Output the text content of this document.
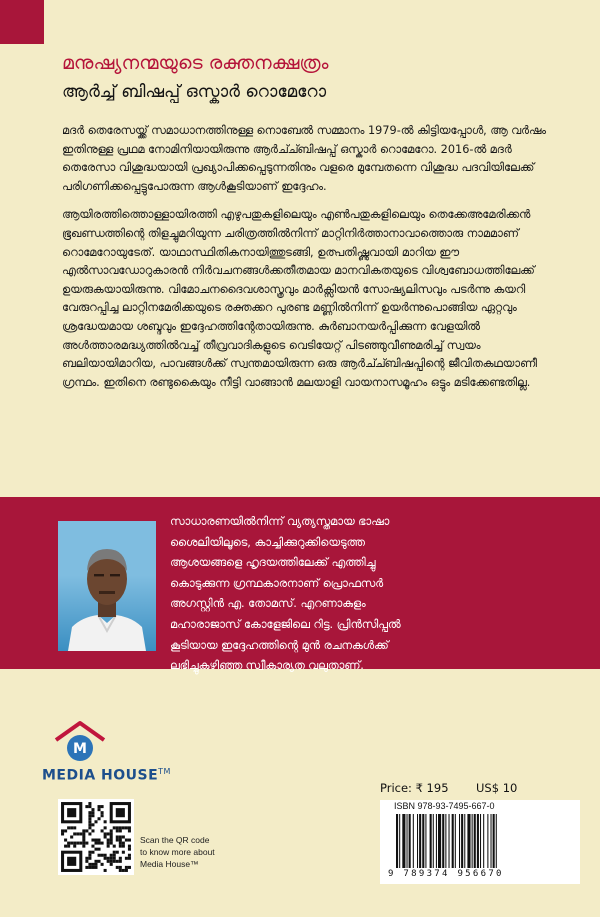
മനുഷ്യനന്മയുടെ രക്തനക്ഷത്രം
ആർച്ച് ബിഷപ്പ് ഒസ്കാർ റൊമേറോ

മദർ തെരേസയ്ക്ക് സമാധാനത്തിനുള്ള നൊബേൽ സമ്മാനം 1979-ൽ കിട്ടിയപ്പോൾ, ആ വർഷം ഇതിനുള്ള പ്രഥമ നോമിനിയായിരുന്നു ആർച്ച്ബിഷപ്പ് ഒസ്കാർ റൊമേറോ. 2016-ൽ മദർ തെരേസാ വിശുദ്ധയായി പ്രഖ്യാപിക്കപ്പെടുന്നതിനും വളരെ മുമ്പേതന്നെ വിശുദ്ധ പദവിയിലേക്ക് പരിഗണിക്കപ്പെട്ടുപോരുന്ന ആൾകൂടിയാണ് ഇദ്ദേഹം.

ആയിരത്തിത്തൊള്ളായിരത്തി എഴുപതുകളിലെയും എൺപതുകളിലെയും തെക്കേഅമേരിക്കൻ ഭൂഖണ്ഡത്തിന്റെ തിളച്ചുമറിയുന്ന ചരിത്രത്തിൽനിന്ന് മാറ്റിനിർത്താനാവാത്തൊരു നാമമാണ് റൊമേറോയുടേത്. യാഥാസ്ഥിതികനായിത്തുടങ്ങി, ഉത്പതിഷ്ണുവായി മാറിയ ഈ എൽസാവഡോറുകാരൻ നിർവചനങ്ങൾക്കതീതമായ മാനവികതയുടെ വിശ്വബോധത്തിലേക്ക് ഉയരുകയായിരുന്നു. വിമോചനദൈവശാസ്ത്രവും മാർക്സിയൻ സോഷ്യലിസവും പടർന്നു കയറി വേരുറപ്പിച്ച ലാറ്റിനമേരിക്കയുടെ രക്തക്കറ പുരണ്ട മണ്ണിൽനിന്ന് ഉയർന്നുപൊങ്ങിയ ഏറ്റവും ശ്രദ്ധേയമായ ശബ്ദവും ഇദ്ദേഹത്തിന്റേതായിരുന്നു. കുർബാനയർപ്പിക്കുന്ന വേളയിൽ അൾത്താരമദ്ധ്യത്തിൽവച്ച് തീവ്രവാദികളുടെ വെടിയേറ്റ് പിടഞ്ഞുവീണുമരിച്ച് സ്വയം ബലിയായിമാറിയ, പാവങ്ങൾക്ക് സ്വന്തമായിരുന്ന ഒരു ആർച്ച്ബിഷപ്പിന്റെ ജീവിതകഥയാണീ ഗ്രന്ഥം. ഇതിനെ രണ്ടുകൈയും നീട്ടി വാങ്ങാൻ മലയാളി വായനാസമൂഹം ഒട്ടും മടിക്കേണ്ടതില്ല.

സാധാരണയിൽനിന്ന് വ്യത്യസ്തമായ ഭാഷാ
ശൈലിയിലൂടെ, കാച്ചിക്കുറുക്കിയെടുത്ത
ആശയങ്ങളെ ഹൃദയത്തിലേക്ക് എത്തിച്ചു
കൊടുക്കുന്ന ഗ്രന്ഥകാരനാണ് പ്രൊഫസർ
അഗസ്റ്റിൻ എ. തോമസ്. എറണാകുളം
മഹാരാജാസ് കോളേജിലെ റിട്ട. പ്രിൻസിപ്പൽ
കൂടിയായ ഇദ്ദേഹത്തിന്റെ മുൻ രചനകൾക്ക്
ലഭിച്ചുകഴിഞ്ഞ സ്വീകാര്യത വലുതാണ്.
M
MEDIA HOUSE™
Price: ₹ 195 US$ 10
ISBN 978-93-7495-667-0
9 789374 956670
Scan the QR code
to know more about
Media House™
